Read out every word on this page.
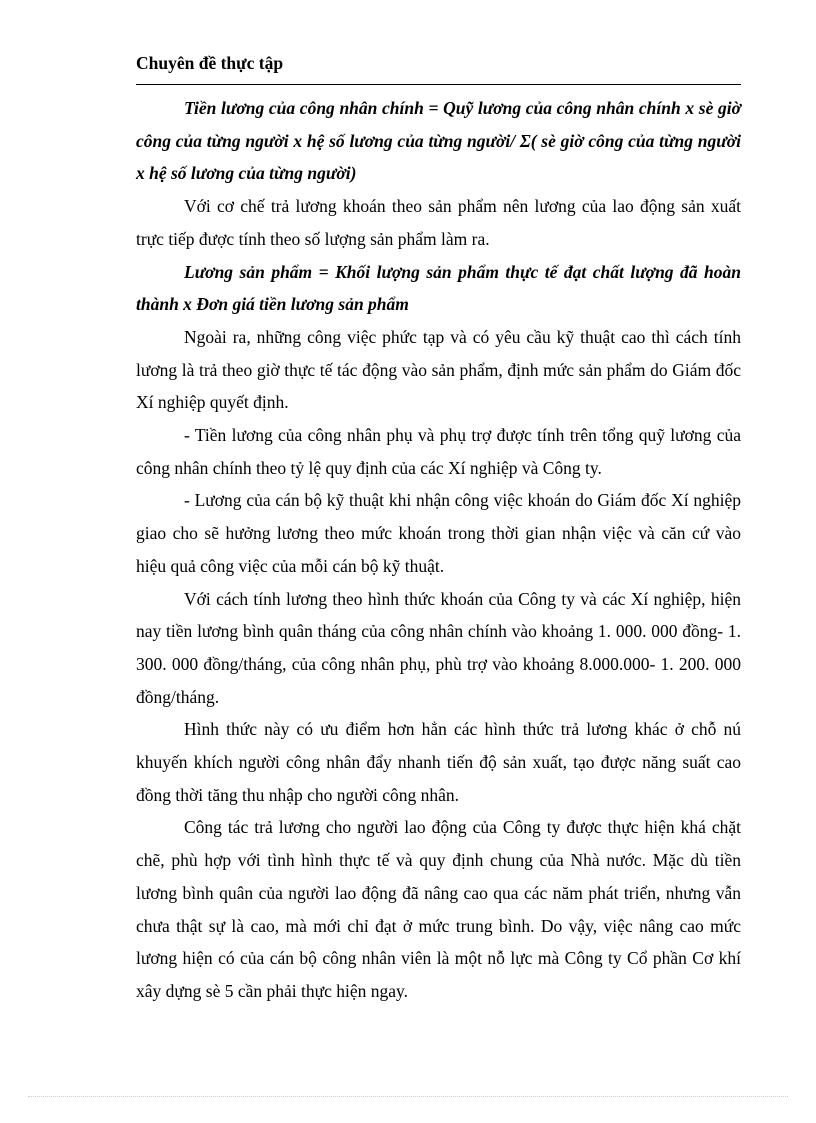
Chuyên đề thực tập

Tiền lương của công nhân chính = Quỹ lương của công nhân chính x sè giờ công của từng người x hệ số lương của từng người/ Σ( sè giờ công của từng người x hệ số lương của từng người)

Với cơ chế trả lương khoán theo sản phẩm nên lương của lao động sản xuất trực tiếp được tính theo số lượng sản phẩm làm ra.

Lương sản phẩm = Khối lượng sản phẩm thực tế đạt chất lượng đã hoàn thành x Đơn giá tiền lương sản phẩm

Ngoài ra, những công việc phức tạp và có yêu cầu kỹ thuật cao thì cách tính lương là trả theo giờ thực tế tác động vào sản phẩm, định mức sản phẩm do Giám đốc Xí nghiệp quyết định.

- Tiền lương của công nhân phụ và phụ trợ được tính trên tổng quỹ lương của công nhân chính theo tỷ lệ quy định của các Xí nghiệp và Công ty.

- Lương của cán bộ kỹ thuật khi nhận công việc khoán do Giám đốc Xí nghiệp giao cho sẽ hưởng lương theo mức khoán trong thời gian nhận việc và căn cứ vào hiệu quả công việc của mỗi cán bộ kỹ thuật.

Với cách tính lương theo hình thức khoán của Công ty và các Xí nghiệp, hiện nay tiền lương bình quân tháng của công nhân chính vào khoảng 1. 000. 000 đồng- 1. 300. 000 đồng/tháng, của công nhân phụ, phù trợ vào khoảng 8.000.000- 1. 200. 000 đồng/tháng.

Hình thức này có ưu điểm hơn hẳn các hình thức trả lương khác ở chỗ nú khuyến khích người công nhân đẩy nhanh tiến độ sản xuất, tạo được năng suất cao đồng thời tăng thu nhập cho người công nhân.

Công tác trả lương cho người lao động của Công ty được thực hiện khá chặt chẽ, phù hợp với tình hình thực tế và quy định chung của Nhà nước. Mặc dù tiền lương bình quân của người lao động đã nâng cao qua các năm phát triển, nhưng vẫn chưa thật sự là cao, mà mới chỉ đạt ở mức trung bình. Do vậy, việc nâng cao mức lương hiện có của cán bộ công nhân viên là một nỗ lực mà Công ty Cổ phần Cơ khí xây dựng sè 5 cần phải thực hiện ngay.
